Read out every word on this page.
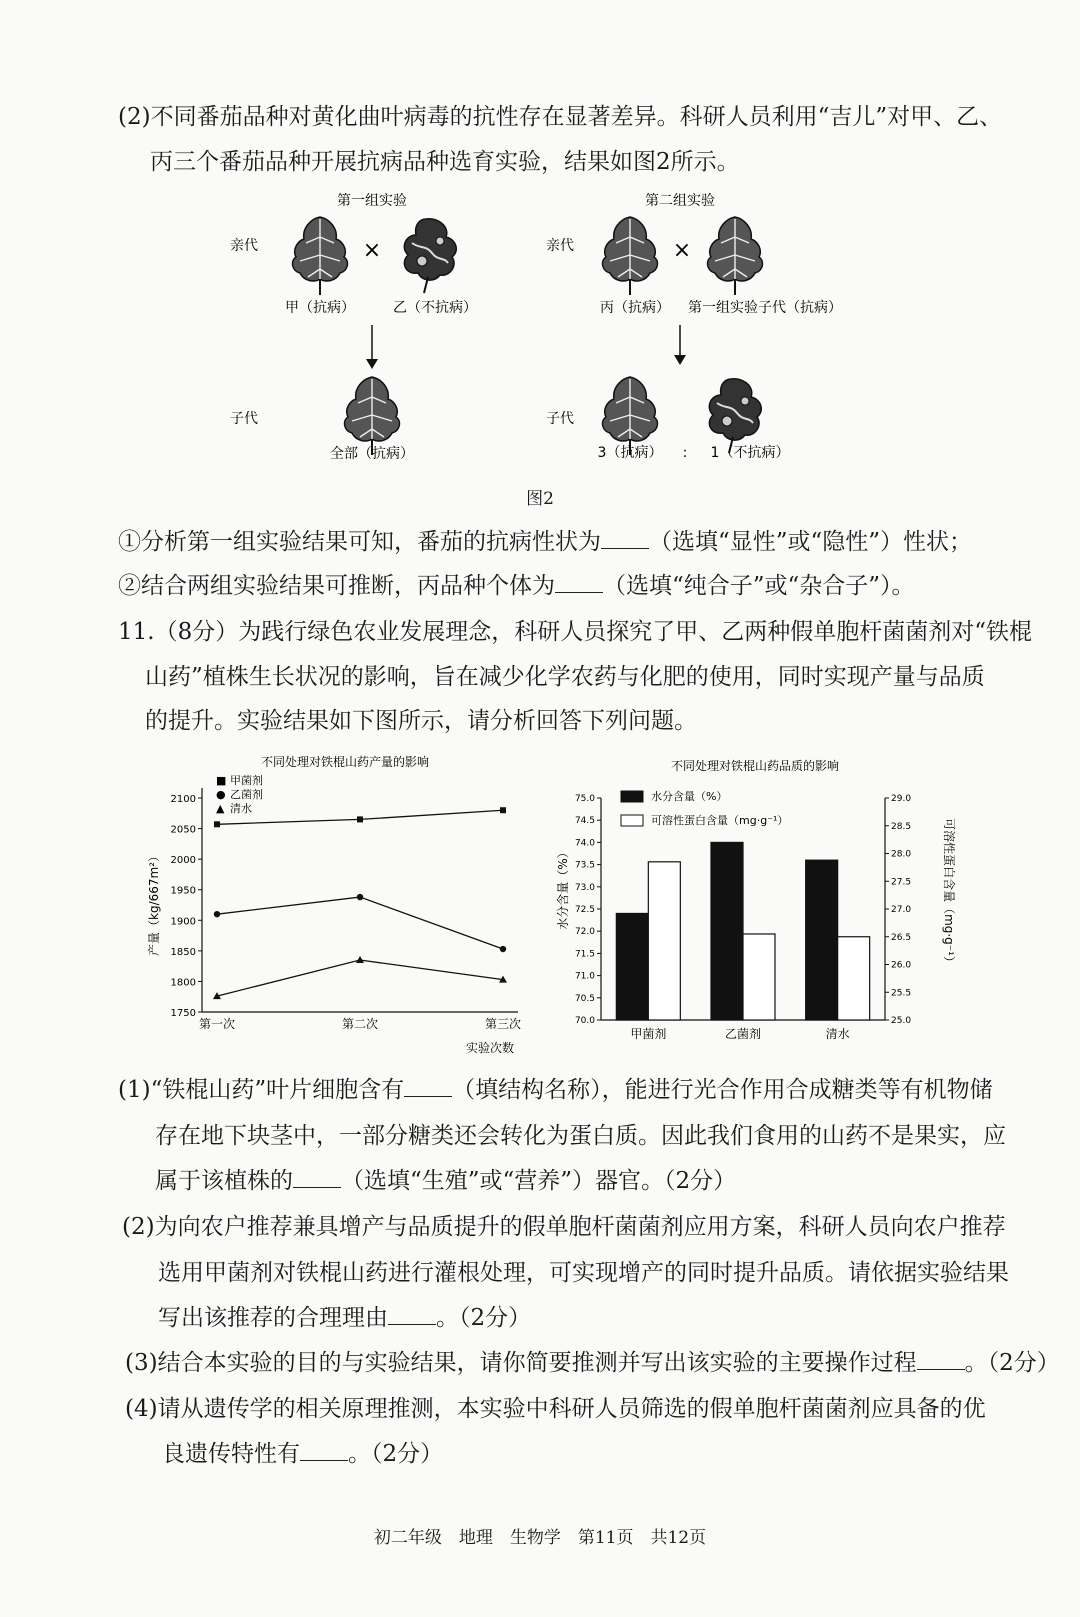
(2)不同番茄品种对黄化曲叶病毒的抗性存在显著差异。科研人员利用“吉儿”对甲、乙、
丙三个番茄品种开展抗病品种选育实验，结果如图2所示。
第一组实验	第二组实验
亲代	亲代
×	×
甲（抗病）	乙（不抗病）	丙（抗病） 第一组实验子代（抗病）
子代	子代
全部（抗病）	3（抗病） : 1（不抗病）
图2
①分析第一组实验结果可知，番茄的抗病性状为 （选填“显性”或“隐性”）性状；
②结合两组实验结果可推断，丙品种个体为 （选填“纯合子”或“杂合子”）。
11.（8分）为践行绿色农业发展理念，科研人员探究了甲、乙两种假单胞杆菌菌剂对“铁棍
山药”植株生长状况的影响，旨在减少化学农药与化肥的使用，同时实现产量与品质
的提升。实验结果如下图所示，请分析回答下列问题。
不同处理对铁棍山药产量的影响
产量（kg/667m²）
实验次数
1750
1800
1850
1900
1950
2000
2050
2100
第一次	第二次	第三次
■ 甲菌剂
● 乙菌剂
▲ 清水
不同处理对铁棍山药品质的影响
水分含量（%）	可溶性蛋白含量（mg·g⁻¹）
70.0
70.5
71.0
71.5
72.0
72.5
73.0
73.5
74.0
74.5
75.0
25.0
25.5
26.0
26.5
27.0
27.5
28.0
28.5
29.0
甲菌剂	乙菌剂	清水
水分含量（%）
可溶性蛋白含量（mg·g⁻¹）
(1)“铁棍山药”叶片细胞含有 （填结构名称），能进行光合作用合成糖类等有机物储
存在地下块茎中，一部分糖类还会转化为蛋白质。因此我们食用的山药不是果实，应
属于该植株的 （选填“生殖”或“营养”）器官。（2分）
(2)为向农户推荐兼具增产与品质提升的假单胞杆菌菌剂应用方案，科研人员向农户推荐
选用甲菌剂对铁棍山药进行灌根处理，可实现增产的同时提升品质。请依据实验结果
写出该推荐的合理理由 。（2分）
(3)结合本实验的目的与实验结果，请你简要推测并写出该实验的主要操作过程 。（2分）
(4)请从遗传学的相关原理推测，本实验中科研人员筛选的假单胞杆菌菌剂应具备的优
良遗传特性有 。（2分）
初二年级　地理　生物学　第11页　共12页
